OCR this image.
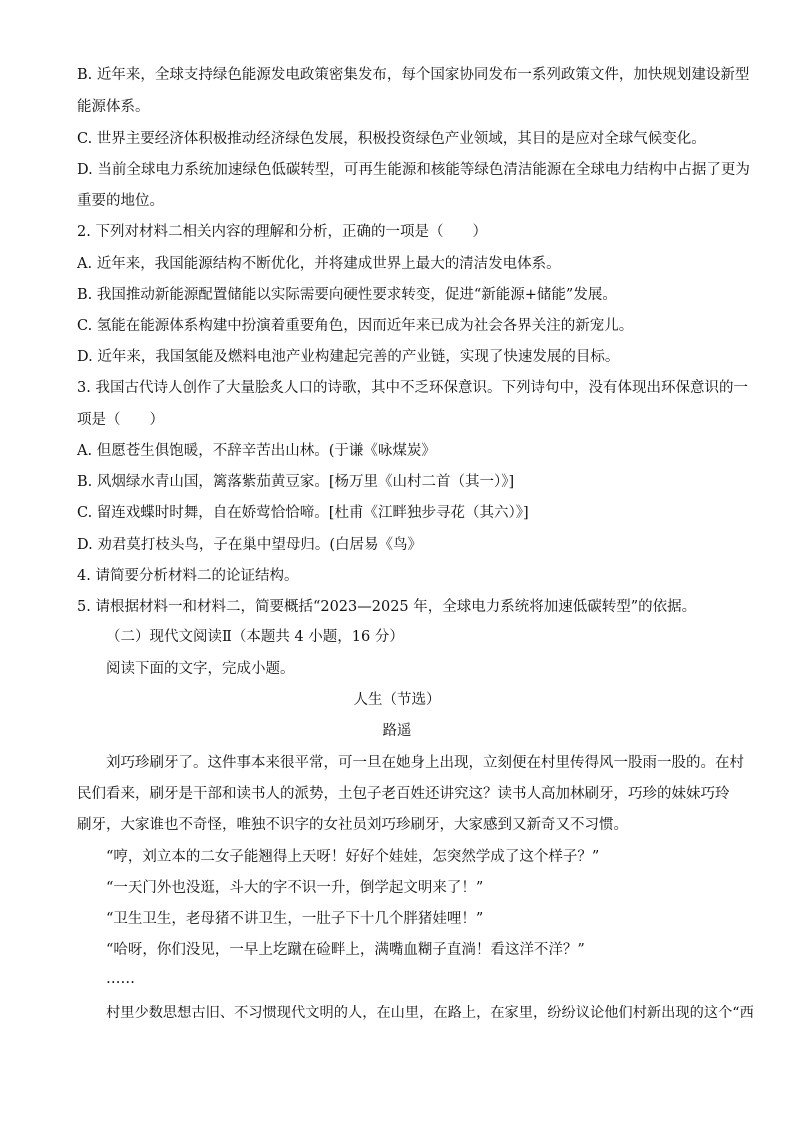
B. 近年来，全球支持绿色能源发电政策密集发布，每个国家协同发布一系列政策文件，加快规划建设新型
能源体系。
C. 世界主要经济体积极推动经济绿色发展，积极投资绿色产业领域，其目的是应对全球气候变化。
D. 当前全球电力系统加速绿色低碳转型，可再生能源和核能等绿色清洁能源在全球电力结构中占据了更为
重要的地位。
2. 下列对材料二相关内容的理解和分析，正确的一项是（　　）
A. 近年来，我国能源结构不断优化，并将建成世界上最大的清洁发电体系。
B. 我国推动新能源配置储能以实际需要向硬性要求转变，促进“新能源+储能”发展。
C. 氢能在能源体系构建中扮演着重要角色，因而近年来已成为社会各界关注的新宠儿。
D. 近年来，我国氢能及燃料电池产业构建起完善的产业链，实现了快速发展的目标。
3. 我国古代诗人创作了大量脍炙人口的诗歌，其中不乏环保意识。下列诗句中，没有体现出环保意识的一
项是（　　）
A. 但愿苍生俱饱暖，不辞辛苦出山林。(于谦《咏煤炭》
B. 风烟绿水青山国，篱落紫茄黄豆家。[杨万里《山村二首（其一）》]
C. 留连戏蝶时时舞，自在娇莺恰恰啼。[杜甫《江畔独步寻花（其六）》]
D. 劝君莫打枝头鸟，子在巢中望母归。(白居易《鸟》
4. 请简要分析材料二的论证结构。
5. 请根据材料一和材料二，简要概括“2023—2025 年，全球电力系统将加速低碳转型”的依据。
（二）现代文阅读Ⅱ（本题共 4 小题，16 分）
阅读下面的文字，完成小题。
人生（节选）
路遥
刘巧珍刷牙了。这件事本来很平常，可一旦在她身上出现，立刻便在村里传得风一股雨一股的。在村
民们看来，刷牙是干部和读书人的派势，土包子老百姓还讲究这？读书人高加林刷牙，巧珍的妹妹巧玲
刷牙，大家谁也不奇怪，唯独不识字的女社员刘巧珍刷牙，大家感到又新奇又不习惯。
“哼，刘立本的二女子能翘得上天呀！好好个娃娃，怎突然学成了这个样子？”
“一天门外也没逛，斗大的字不识一升，倒学起文明来了！”
“卫生卫生，老母猪不讲卫生，一肚子下十几个胖猪娃哩！”
“哈呀，你们没见，一早上圪蹴在硷畔上，满嘴血糊子直淌！看这洋不洋？”
……
村里少数思想古旧、不习惯现代文明的人，在山里，在路上，在家里，纷纷议论他们村新出现的这个“西
